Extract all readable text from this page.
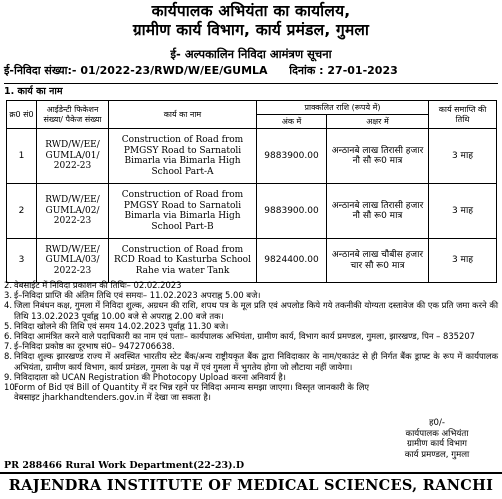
कार्यपालक अभियंता का कार्यालय,
ग्रामीण कार्य विभाग, कार्य प्रमंडल, गुमला
ई- अल्पकालिन निविदा आमंत्रण सूचना
ई-निविदा संख्या:- 01/2022-23/RWD/W/EE/GUMLA दिनांक : 27-01-2023
1. कार्य का नाम
क्र0 सं0	आईडेन्टी फिकेशन संख्या/ पैकेज संख्या	कार्य का नाम	प्राक्कलित राशि (रूपये में)		कार्य समाप्ति की तिथि
			अंक में	अक्षर में	
1	RWD/W/EE/ GUMLA/01/ 2022-23	Construction of Road from PMGSY Road to Sarnatoli Bimarla via Bimarla High School Part-A	9883900.00	अन्ठानबे लाख तिरासी हजार नौ सौ रू0 मात्र	3 माह
2	RWD/W/EE/ GUMLA/02/ 2022-23	Construction of Road from PMGSY Road to Sarnatoli Bimarla via Bimarla High School Part-B	9883900.00	अन्ठानबे लाख तिरासी हजार नौ सौ रू0 मात्र	3 माह
3	RWD/W/EE/ GUMLA/03/ 2022-23	Construction of Road from RCD Road to Kasturba School Rahe via water Tank	9824400.00	अन्ठानबे लाख चौबीस हजार चार सौ रू0 मात्र	3 माह
2. वेबसाईट में निविदा प्रकाशन की तिथिः– 02.02.2023
3. ई–निविदा प्राप्ति की अंतिम तिथि एवं समयः– 11.02.2023 अपराह्न 5.00 बजे।
4. जिला निबंधन कक्ष, गुमला में निविदा शुल्क, अग्रधन की राशि, शपथ पत्र के मूल प्रति एवं अपलोड किये गये तकनीकी योग्यता दस्तावेज की एक प्रति जमा करने की तिथि 13.02.2023 पूर्वाह्न 10.00 बजे से अपराह्न 2.00 बजे तक।
5. निविदा खोलने की तिथि एवं समय 14.02.2023 पूर्वाह्न 11.30 बजे।
6. निविदा आमंत्रित करने वाले पदाधिकारी का नाम एवं पताः– कार्यपालक अभियंता, ग्रामीण कार्य, विभाग कार्य प्रमण्डल, गुमला, झारखण्ड, पिन – 835207
7. ई–निविदा प्रकोष्ठ का दूरभाष सं0– 9472706638.
8. निविदा शुल्क झारखण्ड राज्य में अवस्थित भारतीय स्टेट बैंक/अन्य राष्ट्रीयकृत बैंक द्वारा निविदाकार के नाम/एकाउंट से ही निर्गत बैंक ड्राफ्ट के रूप में कार्यपालक अभियंता, ग्रामीण कार्य विभाग, कार्य प्रमंडल, गुमला के पक्ष में एवं गुमला में भुगतेय होगा जो लौटाया नहीं जायेगा।
9. निविदादाता को UCAN Registration की Photocopy Upload करना अनिवार्य है।
10.
Form of Bid एवं Bill of Quantity में दर भिन्न रहने पर निविदा अमान्य समझा जाएगा। विस्तृत जानकारी के लिए वेबसाइट jharkhandtenders.gov.in में देखा जा सकता है।
ह0/-
कार्यपालक अभियंता
ग्रामीण कार्य विभाग
कार्य प्रमण्डल, गुमला
PR 288466 Rural Work Department(22-23).D
RAJENDRA INSTITUTE OF MEDICAL SCIENCES, RANCHI
